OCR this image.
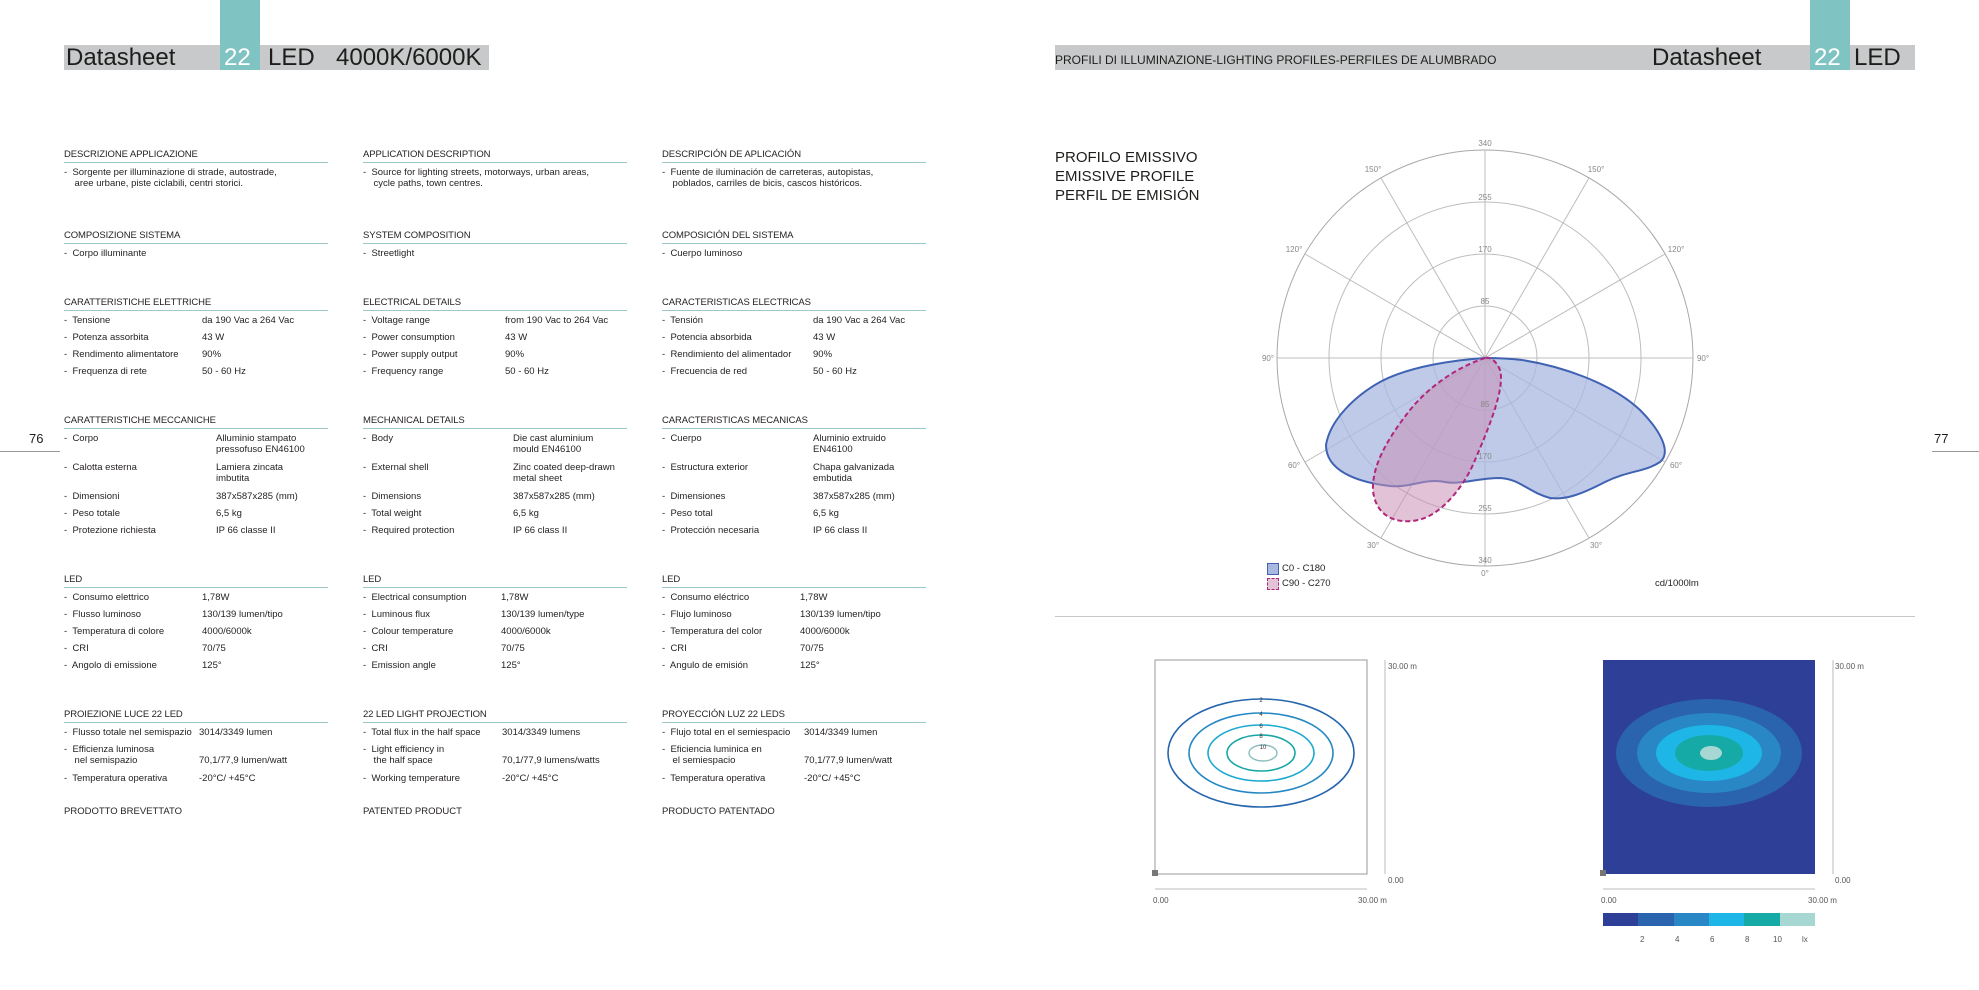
Datasheet 22 LED 4000K/6000K	PROFILI DI ILLUMINAZIONE-LIGHTING PROFILES-PERFILES DE ALUMBRADO	Datasheet 22 LED
76	77
DESCRIZIONE APPLICAZIONE
-  Sorgente per illuminazione di strade, autostrade,
aree urbane, piste ciclabili, centri storici.
COMPOSIZIONE SISTEMA
-  Corpo illuminante
CARATTERISTICHE ELETTRICHE
-  Tensione	da 190 Vac a 264 Vac
-  Potenza assorbita	43 W
-  Rendimento alimentatore 90%
-  Frequenza di rete	50 - 60 Hz
CARATTERISTICHE MECCANICHE
-  Corpo	Alluminio stampato
pressofuso EN46100
-  Calotta esterna	Lamiera zincata
imbutita
-  Dimensioni	387x587x285 (mm)
-  Peso totale	6,5 kg
-  Protezione richiesta	IP 66 classe II
LED
-  Consumo elettrico	1,78W
-  Flusso luminoso	130/139 lumen/tipo
-  Temperatura di colore	4000/6000k
-  CRI	70/75
-  Angolo di emissione	125°
PROIEZIONE LUCE 22 LED
-  Flusso totale nel semispazio 3014/3349 lumen
-  Efficienza luminosa
nel semispazio	
70,1/77,9 lumen/watt
-  Temperatura operativa	-20°C/ +45°C
PRODOTTO BREVETTATO
APPLICATION DESCRIPTION
-  Source for lighting streets, motorways, urban areas,
cycle paths, town centres.
SYSTEM COMPOSITION
-  Streetlight
ELECTRICAL DETAILS
-  Voltage range	from 190 Vac to 264 Vac
-  Power consumption	43 W
-  Power supply output	90%
-  Frequency range	50 - 60 Hz
MECHANICAL DETAILS
-  Body	Die cast aluminium
mould EN46100
-  External shell	Zinc coated deep-drawn
metal sheet
-  Dimensions	387x587x285 (mm)
-  Total weight	6,5 kg
-  Required protection	IP 66 class II
LED
-  Electrical consumption	1,78W
-  Luminous flux	130/139 lumen/type
-  Colour temperature	4000/6000k
-  CRI	70/75
-  Emission angle	125°
22 LED LIGHT PROJECTION
-  Total flux in the half space 3014/3349 lumens
-  Light efficiency in
the half space	
70,1/77,9 lumens/watts
-  Working temperature	-20°C/ +45°C
PATENTED PRODUCT
DESCRIPCIÓN DE APLICACIÓN
-  Fuente de iluminación de carreteras, autopistas,
poblados, carriles de bicis, cascos históricos.
COMPOSICIÓN DEL SISTEMA
-  Cuerpo luminoso
CARACTERISTICAS ELECTRICAS
-  Tensión	da 190 Vac a 264 Vac
-  Potencia absorbida	43 W
-  Rendimiento del alimentador 90%
-  Frecuencia de red	50 - 60 Hz
CARACTERISTICAS MECANICAS
-  Cuerpo	Aluminio extruido
EN46100
-  Estructura exterior	Chapa galvanizada
embutida
-  Dimensiones	387x587x285 (mm)
-  Peso total	6,5 kg
-  Protección necesaria	IP 66 class II
LED
-  Consumo eléctrico	1,78W
-  Flujo luminoso	130/139 lumen/tipo
-  Temperatura del color	4000/6000k
-  CRI	70/75
-  Angulo de emisión	125°
PROYECCIÓN LUZ 22 LEDS
-  Flujo total en el semiespacio 3014/3349 lumen
-  Eficiencia luminica en
el semiespacio	
70,1/77,9 lumen/watt
-  Temperatura operativa	-20°C/ +45°C
PRODUCTO PATENTADO
PROFILO EMISSIVO
EMISSIVE PROFILE
PERFIL DE EMISIÓN
85
170
255
340
85
170
255
340
0°
30°	30°
60°	60°
90°	90°
120°	120°
150°	150°
C0 - C180
C90 - C270	cd/1000lm
2
4
6
8
10
30.00 m
0.00
0.00	30.00 m
30.00 m
0.00
0.00	30.00 m
2	4	6	8	10	lx
